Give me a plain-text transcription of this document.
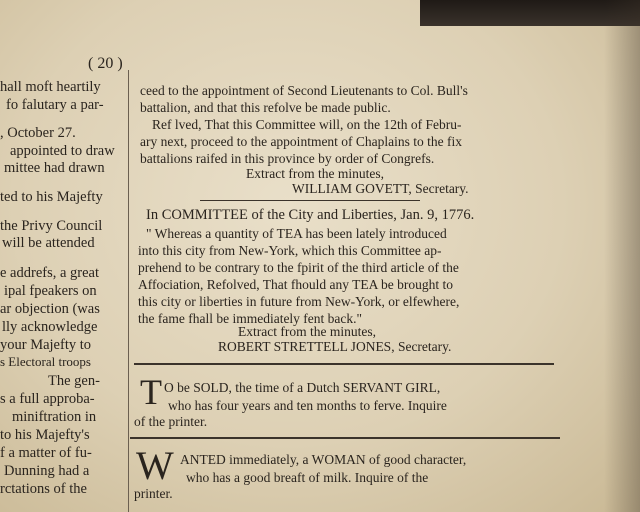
( 20 )
hall moft heartily
fo falutary a par-
, October 27.
appointed to draw
mittee had drawn
ted to his Majefty
the Privy Council
will be attended
e addrefs, a great
ipal fpeakers on
ar objection (was
lly acknowledge
your Majefty to
s Electoral troops
The gen-
s a full approba-
miniftration in
to his Majefty's
f a matter of fu-
Dunning had a
rctations of the
ceed to the appointment of Second Lieutenants to Col. Bull's
battalion, and that this refolve be made public.
Ref lved, That this Committee will, on the 12th of Febru-
ary next, proceed to the appointment of Chaplains to the fix
battalions raifed in this province by order of Congrefs.
Extract from the minutes,
WILLIAM GOVETT, Secretary.
In COMMITTEE of the City and Liberties, Jan. 9, 1776.
" Whereas a quantity of TEA has been lately introduced
into this city from New-York, which this Committee ap-
prehend to be contrary to the fpirit of the third article of the
Affociation, Refolved, That fhould any TEA be brought to
this city or liberties in future from New-York, or elfewhere,
the fame fhall be immediately fent back."
Extract from the minutes,
ROBERT STRETTELL JONES, Secretary.
T O be SOLD, the time of a Dutch SERVANT GIRL,
who has four years and ten months to ferve. Inquire
of the printer.
W ANTED immediately, a WOMAN of good character,
who has a good breaft of milk. Inquire of the
printer.
